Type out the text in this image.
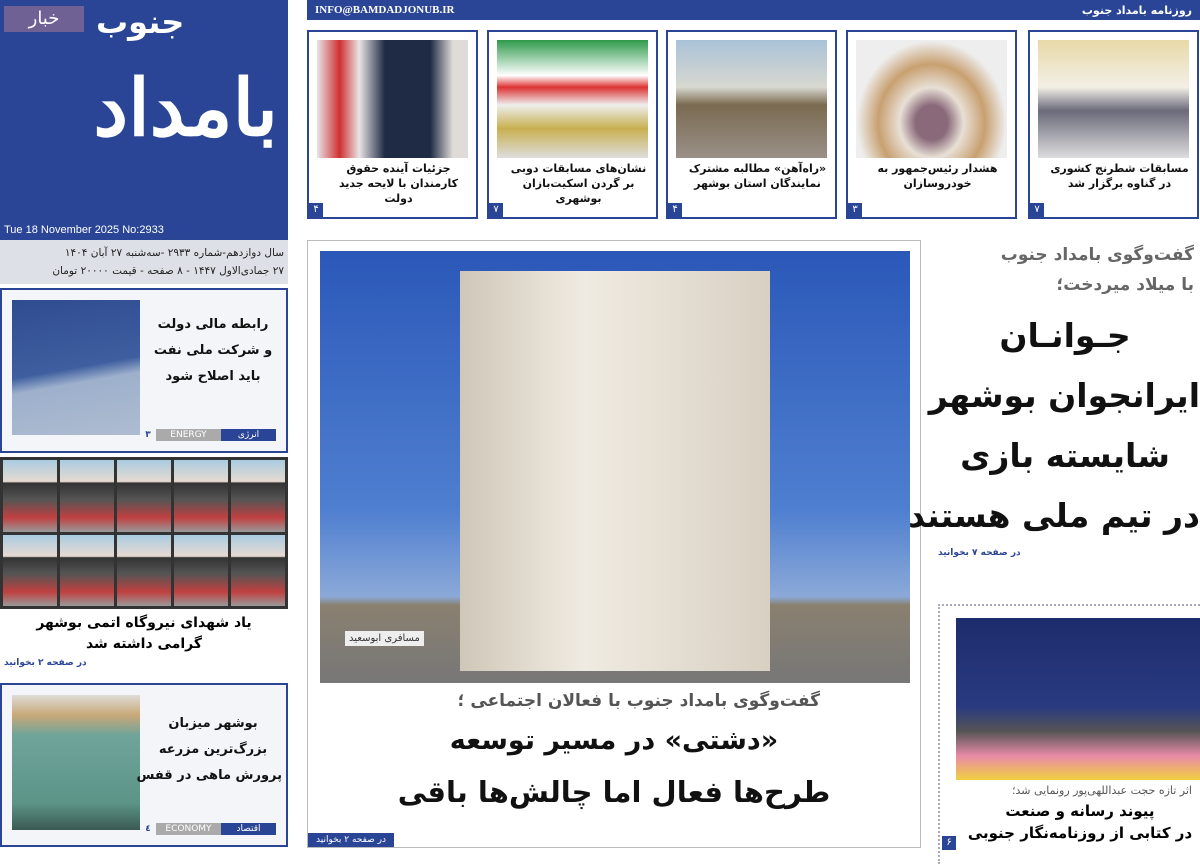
خبار	جنوب
بامداد
Tue 18 November 2025 No:2933
سال دوازدهم-شماره ۲۹۳۳ -سه‌شنبه ۲۷ آبان ۱۴۰۴
۲۷ جمادی‌الاول ۱۴۴۷ - ۸ صفحه - قیمت ۲۰۰۰۰ تومان
روزنامه بامداد جنوب
INFO@BAMDADJONUB.IR
مسابقات شطرنج کشوری در گناوه برگزار شد
۷
هشدار رئیس‌جمهور به خودروسازان
۳
«راه‌آهن» مطالبه مشترک نمایندگان استان بوشهر
۴
نشان‌های مسابقات دوبی بر گردن اسکیت‌بازان بوشهری
۷
جزئیات آینده حقوق کارمندان با لایحه جدید دولت
۴
مسافری ابوسعید
گفت‌وگوی بامداد جنوب با فعالان اجتماعی ؛
«دشتی» در مسیر توسعه
طرح‌ها فعال اما چالش‌ها باقی
در صفحه ۲ بخوانید
گفت‌وگوی بامداد جنوب
با میلاد میردخت؛
جـوانـان
ایرانجوان بوشهر
شایسته بازی
در تیم ملی هستند
در صفحه ۷ بخوانید
اثر تازه حجت عبداللهی‌پور رونمایی شد؛
پیوند رسانه و صنعت
در کتابی از روزنامه‌نگار جنوبی
۶
رابطه مالی دولت
و شرکت ملی نفت
باید اصلاح شود
انرژی
ENERGY
۳
یاد شهدای نیروگاه اتمی بوشهر
گرامی داشته شد
در صفحه ۲ بخوانید
بوشهر میزبان
بزرگ‌ترین مزرعه
پرورش ماهی در قفس
اقتصاد
ECONOMY
٤
